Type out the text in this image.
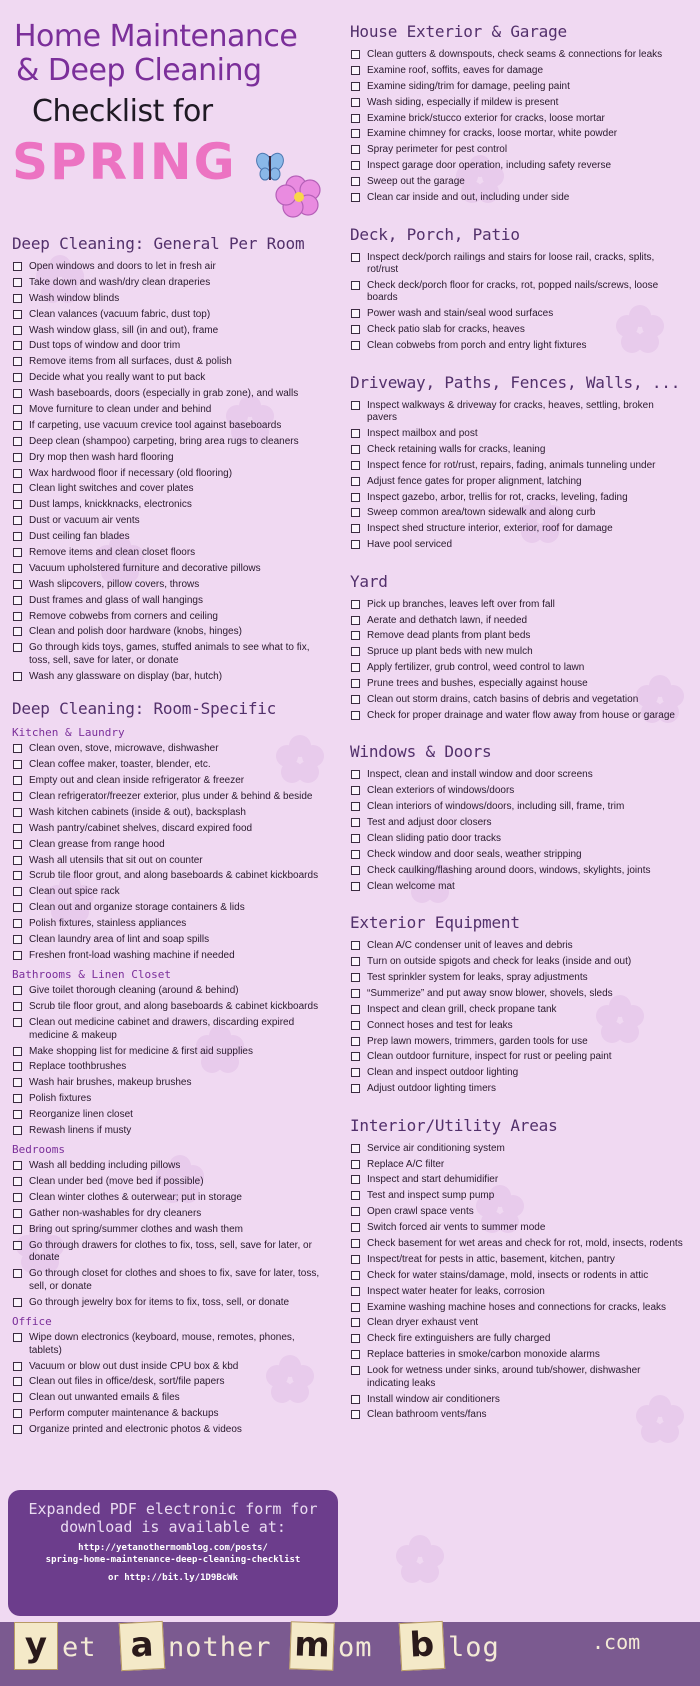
Home Maintenance
& Deep Cleaning
Checklist for
SPRING
Deep Cleaning: General Per Room
Open windows and doors to let in fresh air
Take down and wash/dry clean draperies
Wash window blinds
Clean valances (vacuum fabric, dust top)
Wash window glass, sill (in and out), frame
Dust tops of window and door trim
Remove items from all surfaces, dust & polish
Decide what you really want to put back
Wash baseboards, doors (especially in grab zone), and walls
Move furniture to clean under and behind
If carpeting, use vacuum crevice tool against baseboards
Deep clean (shampoo) carpeting, bring area rugs to cleaners
Dry mop then wash hard flooring
Wax hardwood floor if necessary (old flooring)
Clean light switches and cover plates
Dust lamps, knickknacks, electronics
Dust or vacuum air vents
Dust ceiling fan blades
Remove items and clean closet floors
Vacuum upholstered furniture and decorative pillows
Wash slipcovers, pillow covers, throws
Dust frames and glass of wall hangings
Remove cobwebs from corners and ceiling
Clean and polish door hardware (knobs, hinges)
Go through kids toys, games, stuffed animals to see what to fix, toss, sell, save for later, or donate
Wash any glassware on display (bar, hutch)
Deep Cleaning: Room-Specific
Kitchen & Laundry
Clean oven, stove, microwave, dishwasher
Clean coffee maker, toaster, blender, etc.
Empty out and clean inside refrigerator & freezer
Clean refrigerator/freezer exterior, plus under & behind & beside
Wash kitchen cabinets (inside & out), backsplash
Wash pantry/cabinet shelves, discard expired food
Clean grease from range hood
Wash all utensils that sit out on counter
Scrub tile floor grout, and along baseboards & cabinet kickboards
Clean out spice rack
Clean out and organize storage containers & lids
Polish fixtures, stainless appliances
Clean laundry area of lint and soap spills
Freshen front-load washing machine if needed
Bathrooms & Linen Closet
Give toilet thorough cleaning (around & behind)
Scrub tile floor grout, and along baseboards & cabinet kickboards
Clean out medicine cabinet and drawers, discarding expired medicine & makeup
Make shopping list for medicine & first aid supplies
Replace toothbrushes
Wash hair brushes, makeup brushes
Polish fixtures
Reorganize linen closet
Rewash linens if musty
Bedrooms
Wash all bedding including pillows
Clean under bed (move bed if possible)
Clean winter clothes & outerwear; put in storage
Gather non-washables for dry cleaners
Bring out spring/summer clothes and wash them
Go through drawers for clothes to fix, toss, sell, save for later, or donate
Go through closet for clothes and shoes to fix, save for later, toss, sell, or donate
Go through jewelry box for items to fix, toss, sell, or donate
Office
Wipe down electronics (keyboard, mouse, remotes, phones, tablets)
Vacuum or blow out dust inside CPU box & kbd
Clean out files in office/desk, sort/file papers
Clean out unwanted emails & files
Perform computer maintenance & backups
Organize printed and electronic photos & videos
House Exterior & Garage
Clean gutters & downspouts, check seams & connections for leaks
Examine roof, soffits, eaves for damage
Examine siding/trim for damage, peeling paint
Wash siding, especially if mildew is present
Examine brick/stucco exterior for cracks, loose mortar
Examine chimney for cracks, loose mortar, white powder
Spray perimeter for pest control
Inspect garage door operation, including safety reverse
Sweep out the garage
Clean car inside and out, including under side
Deck, Porch, Patio
Inspect deck/porch railings and stairs for loose rail, cracks, splits, rot/rust
Check deck/porch floor for cracks, rot, popped nails/screws, loose boards
Power wash and stain/seal wood surfaces
Check patio slab for cracks, heaves
Clean cobwebs from porch and entry light fixtures
Driveway, Paths, Fences, Walls, ...
Inspect walkways & driveway for cracks, heaves, settling, broken pavers
Inspect mailbox and post
Check retaining walls for cracks, leaning
Inspect fence for rot/rust, repairs, fading, animals tunneling under
Adjust fence gates for proper alignment, latching
Inspect gazebo, arbor, trellis for rot, cracks, leveling, fading
Sweep common area/town sidewalk and along curb
Inspect shed structure interior, exterior, roof for damage
Have pool serviced
Yard
Pick up branches, leaves left over from fall
Aerate and dethatch lawn, if needed
Remove dead plants from plant beds
Spruce up plant beds with new mulch
Apply fertilizer, grub control, weed control to lawn
Prune trees and bushes, especially against house
Clean out storm drains, catch basins of debris and vegetation
Check for proper drainage and water flow away from house or garage
Windows & Doors
Inspect, clean and install window and door screens
Clean exteriors of windows/doors
Clean interiors of windows/doors, including sill, frame, trim
Test and adjust door closers
Clean sliding patio door tracks
Check window and door seals, weather stripping
Check caulking/flashing around doors, windows, skylights, joints
Clean welcome mat
Exterior Equipment
Clean A/C condenser unit of leaves and debris
Turn on outside spigots and check for leaks (inside and out)
Test sprinkler system for leaks, spray adjustments
“Summerize” and put away snow blower, shovels, sleds
Inspect and clean grill, check propane tank
Connect hoses and test for leaks
Prep lawn mowers, trimmers, garden tools for use
Clean outdoor furniture, inspect for rust or peeling paint
Clean and inspect outdoor lighting
Adjust outdoor lighting timers
Interior/Utility Areas
Service air conditioning system
Replace A/C filter
Inspect and start dehumidifier
Test and inspect sump pump
Open crawl space vents
Switch forced air vents to summer mode
Check basement for wet areas and check for rot, mold, insects, rodents
Inspect/treat for pests in attic, basement, kitchen, pantry
Check for water stains/damage, mold, insects or rodents in attic
Inspect water heater for leaks, corrosion
Examine washing machine hoses and connections for cracks, leaks
Clean dryer exhaust vent
Check fire extinguishers are fully charged
Replace batteries in smoke/carbon monoxide alarms
Look for wetness under sinks, around tub/shower, dishwasher indicating leaks
Install window air conditioners
Clean bathroom vents/fans
Expanded PDF electronic form for download is available at:
http://yetanothermomblog.com/posts/
spring-home-maintenance-deep-cleaning-checklist
or http://bit.ly/1D9BcWk
y et a nother m om b log	.com
